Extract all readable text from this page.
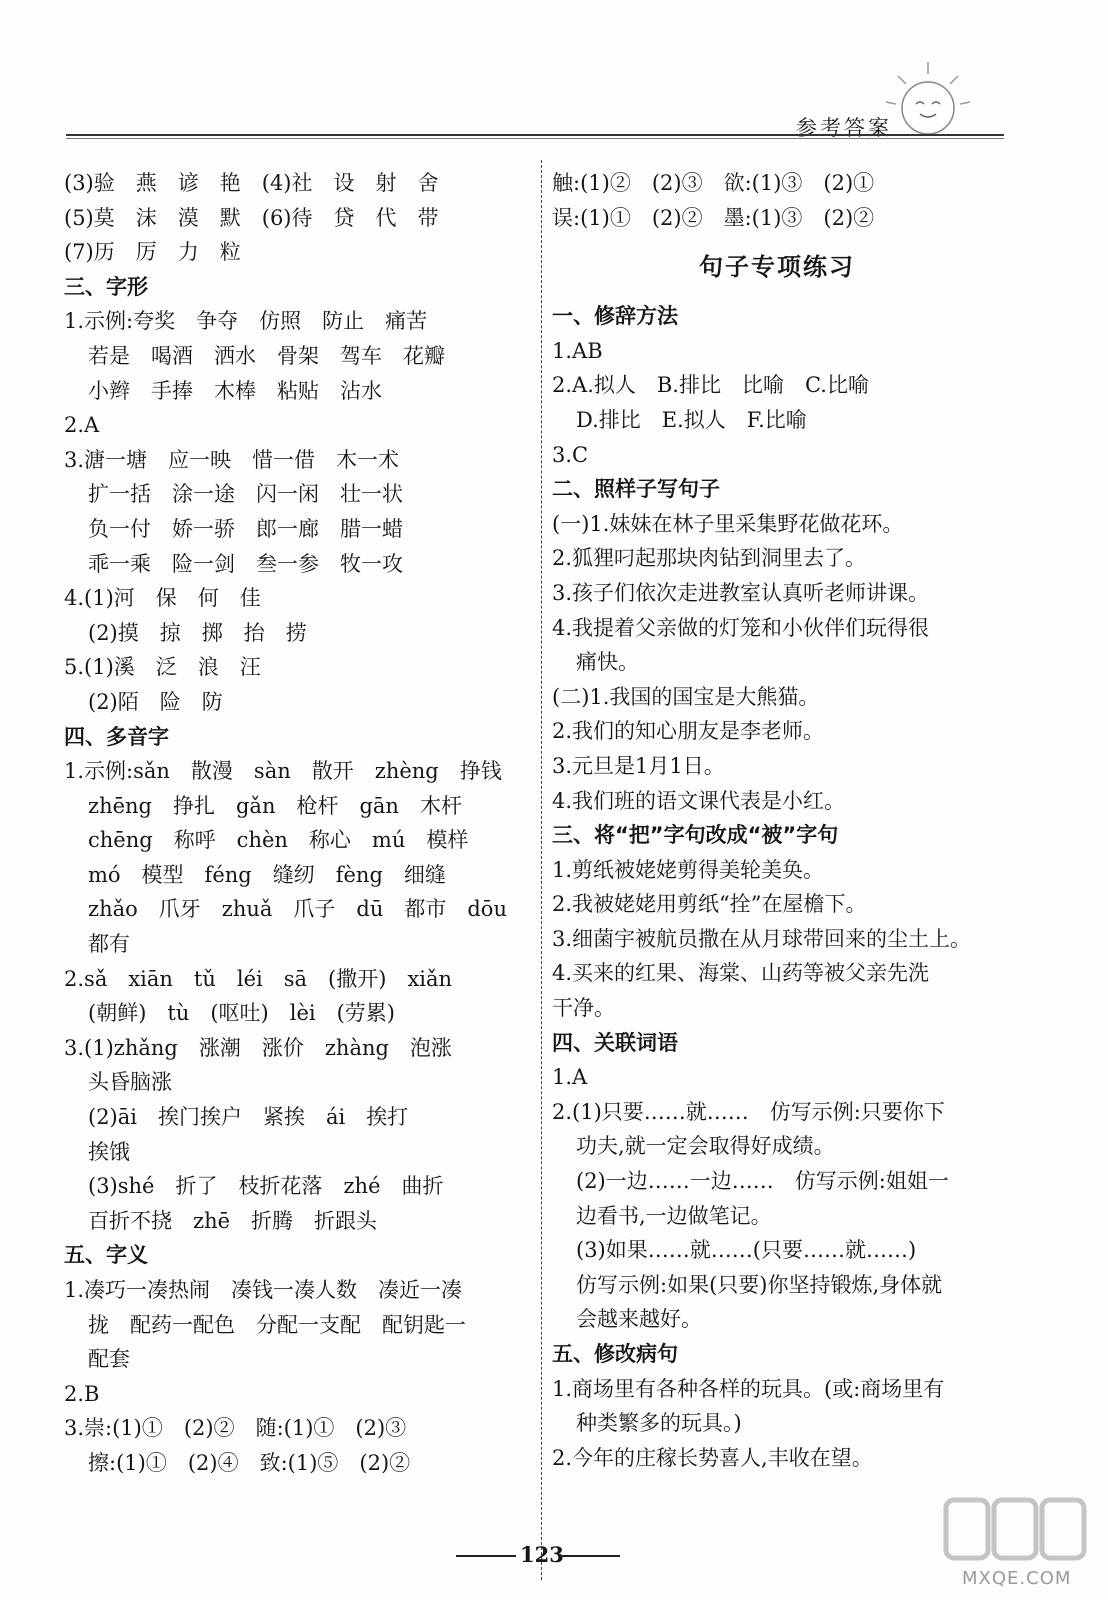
参考答案
(3)验　燕　谚　艳　(4)社　设　射　舍
(5)莫　沫　漠　默　(6)待　贷　代　带
(7)历　厉　力　粒
三、字形
1.示例:夸奖　争夺　仿照　防止　痛苦
若是　喝酒　洒水　骨架　驾车　花瓣
小辫　手捧　木棒　粘贴　沾水
2.A
3.溏一塘　应一映　惜一借　木一术
扩一括　涂一途　闪一闲　壮一状
负一付　娇一骄　郎一廊　腊一蜡
乖一乘　险一剑　叁一参　牧一攻
4.(1)河　保　何　佳
(2)摸　掠　掷　抬　捞
5.(1)溪　泛　浪　汪
(2)陌　险　防
四、多音字
1.示例:sǎn　散漫　sàn　散开　zhèng　挣钱
zhēng　挣扎　gǎn　枪杆　gān　木杆
chēng　称呼　chèn　称心　mú　模样
mó　模型　féng　缝纫　fèng　细缝
zhǎo　爪牙　zhuǎ　爪子　dū　都市　dōu
都有
2.sǎ　xiān　tǔ　léi　sā　(撒开)　xiǎn
(朝鲜)　tù　(呕吐)　lèi　(劳累)
3.(1)zhǎng　涨潮　涨价　zhàng　泡涨
头昏脑涨
(2)āi　挨门挨户　紧挨　ái　挨打
挨饿
(3)shé　折了　枝折花落　zhé　曲折
百折不挠　zhē　折腾　折跟头
五、字义
1.凑巧一凑热闹　凑钱一凑人数　凑近一凑
拢　配药一配色　分配一支配　配钥匙一
配套
2.B
3.崇:(1)①　(2)②　随:(1)①　(2)③
擦:(1)①　(2)④　致:(1)⑤　(2)②
触:(1)②　(2)③　欲:(1)③　(2)①
误:(1)①　(2)②　墨:(1)③　(2)②
句子专项练习
一、修辞方法
1.AB
2.A.拟人　B.排比　比喻　C.比喻
D.排比　E.拟人　F.比喻
3.C
二、照样子写句子
(一)1.妹妹在林子里采集野花做花环。
2.狐狸叼起那块肉钻到洞里去了。
3.孩子们依次走进教室认真听老师讲课。
4.我提着父亲做的灯笼和小伙伴们玩得很
痛快。
(二)1.我国的国宝是大熊猫。
2.我们的知心朋友是李老师。
3.元旦是1月1日。
4.我们班的语文课代表是小红。
三、将“把”字句改成“被”字句
1.剪纸被姥姥剪得美轮美奂。
2.我被姥姥用剪纸“拴”在屋檐下。
3.细菌宇被航员撒在从月球带回来的尘土上。
4.买来的红果、海棠、山药等被父亲先洗
干净。
四、关联词语
1.A
2.(1)只要……就……　仿写示例:只要你下
功夫,就一定会取得好成绩。
(2)一边……一边……　仿写示例:姐姐一
边看书,一边做笔记。
(3)如果……就……(只要……就……)
仿写示例:如果(只要)你坚持锻炼,身体就
会越来越好。
五、修改病句
1.商场里有各种各样的玩具。(或:商场里有
种类繁多的玩具。)
2.今年的庄稼长势喜人,丰收在望。
123
MXQE.COM
